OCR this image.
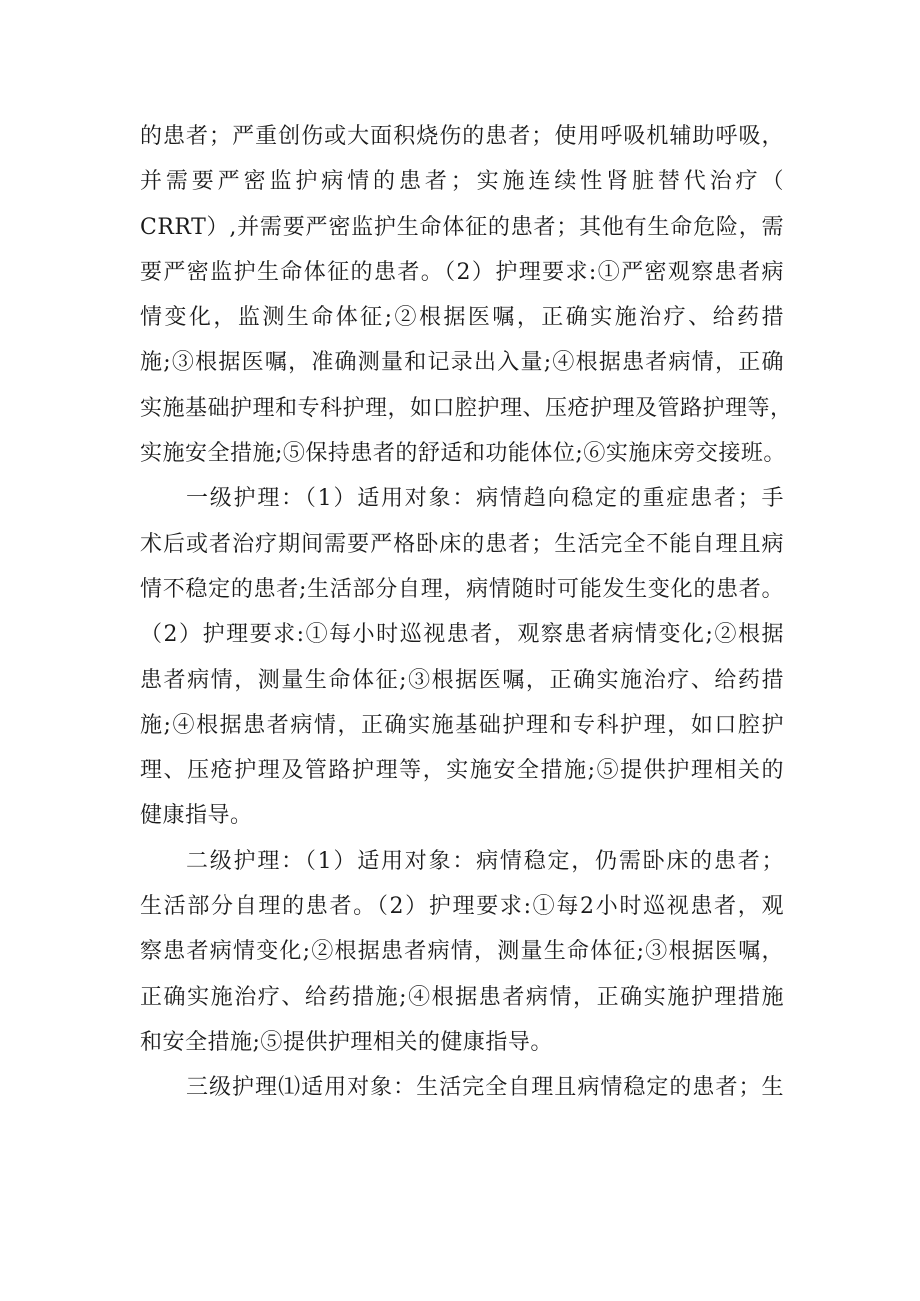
的患者；严重创伤或大面积烧伤的患者；使用呼吸机辅助呼吸，
并需要严密监护病情的患者；实施连续性肾脏替代治疗（
CRRT）,并需要严密监护生命体征的患者；其他有生命危险，需
要严密监护生命体征的患者。（2）护理要求:①严密观察患者病
情变化，监测生命体征;②根据医嘱，正确实施治疗、给药措
施;③根据医嘱，准确测量和记录出入量;④根据患者病情，正确
实施基础护理和专科护理，如口腔护理、压疮护理及管路护理等，
实施安全措施;⑤保持患者的舒适和功能体位;⑥实施床旁交接班。
一级护理：（1）适用对象：病情趋向稳定的重症患者；手
术后或者治疗期间需要严格卧床的患者；生活完全不能自理且病
情不稳定的患者;生活部分自理，病情随时可能发生变化的患者。
（2）护理要求:①每小时巡视患者，观察患者病情变化;②根据
患者病情，测量生命体征;③根据医嘱，正确实施治疗、给药措
施;④根据患者病情，正确实施基础护理和专科护理，如口腔护
理、压疮护理及管路护理等，实施安全措施;⑤提供护理相关的
健康指导。
二级护理：（1）适用对象：病情稳定，仍需卧床的患者；
生活部分自理的患者。（2）护理要求:①每2小时巡视患者，观
察患者病情变化;②根据患者病情，测量生命体征;③根据医嘱，
正确实施治疗、给药措施;④根据患者病情，正确实施护理措施
和安全措施;⑤提供护理相关的健康指导。
三级护理⑴适用对象：生活完全自理且病情稳定的患者；生
